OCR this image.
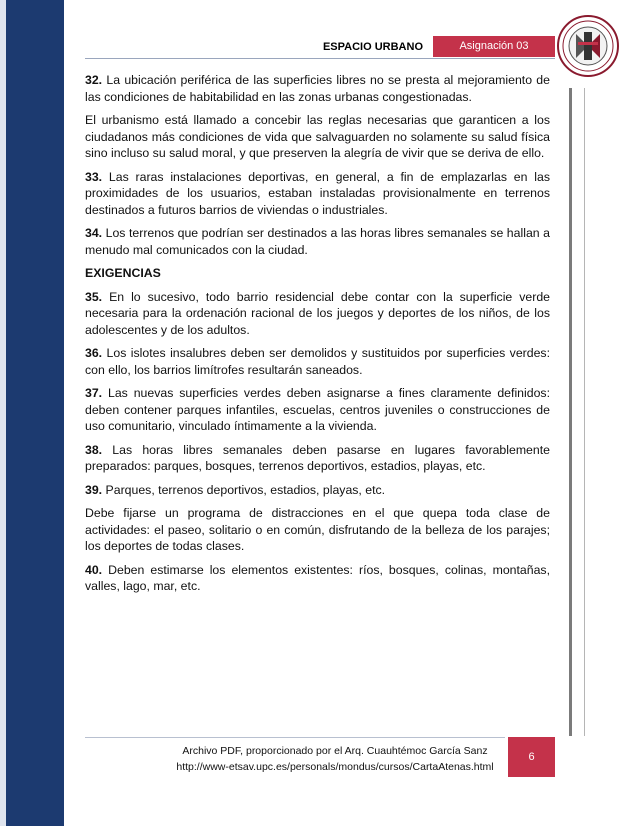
ESPACIO URBANO	Asignación 03

32. La ubicación periférica de las superficies libres no se presta al mejoramiento de las condiciones de habitabilidad en las zonas urbanas congestionadas.

El urbanismo está llamado a concebir las reglas necesarias que garanticen a los ciudadanos más condiciones de vida que salvaguarden no solamente su salud física sino incluso su salud moral, y que preserven la alegría de vivir que se deriva de ello.

33. Las raras instalaciones deportivas, en general, a fin de emplazarlas en las proximidades de los usuarios, estaban instaladas provisionalmente en terrenos destinados a futuros barrios de viviendas o industriales.

34. Los terrenos que podrían ser destinados a las horas libres semanales se hallan a menudo mal comunicados con la ciudad.

EXIGENCIAS

35. En lo sucesivo, todo barrio residencial debe contar con la superficie verde necesaria para la ordenación racional de los juegos y deportes de los niños, de los adolescentes y de los adultos.

36. Los islotes insalubres deben ser demolidos y sustituidos por superficies verdes: con ello, los barrios limítrofes resultarán saneados.

37. Las nuevas superficies verdes deben asignarse a fines claramente definidos: deben contener parques infantiles, escuelas, centros juveniles o construcciones de uso comunitario, vinculado íntimamente a la vivienda.

38. Las horas libres semanales deben pasarse en lugares favorablemente preparados: parques, bosques, terrenos deportivos, estadios, playas, etc.

39. Parques, terrenos deportivos, estadios, playas, etc.

Debe fijarse un programa de distracciones en el que quepa toda clase de actividades: el paseo, solitario o en común, disfrutando de la belleza de los parajes; los deportes de todas clases.

40. Deben estimarse los elementos existentes: ríos, bosques, colinas, montañas, valles, lago, mar, etc.

Archivo PDF, proporcionado por el Arq. Cuauhtémoc García Sanz
http://www-etsav.upc.es/personals/mondus/cursos/CartaAtenas.html
6
